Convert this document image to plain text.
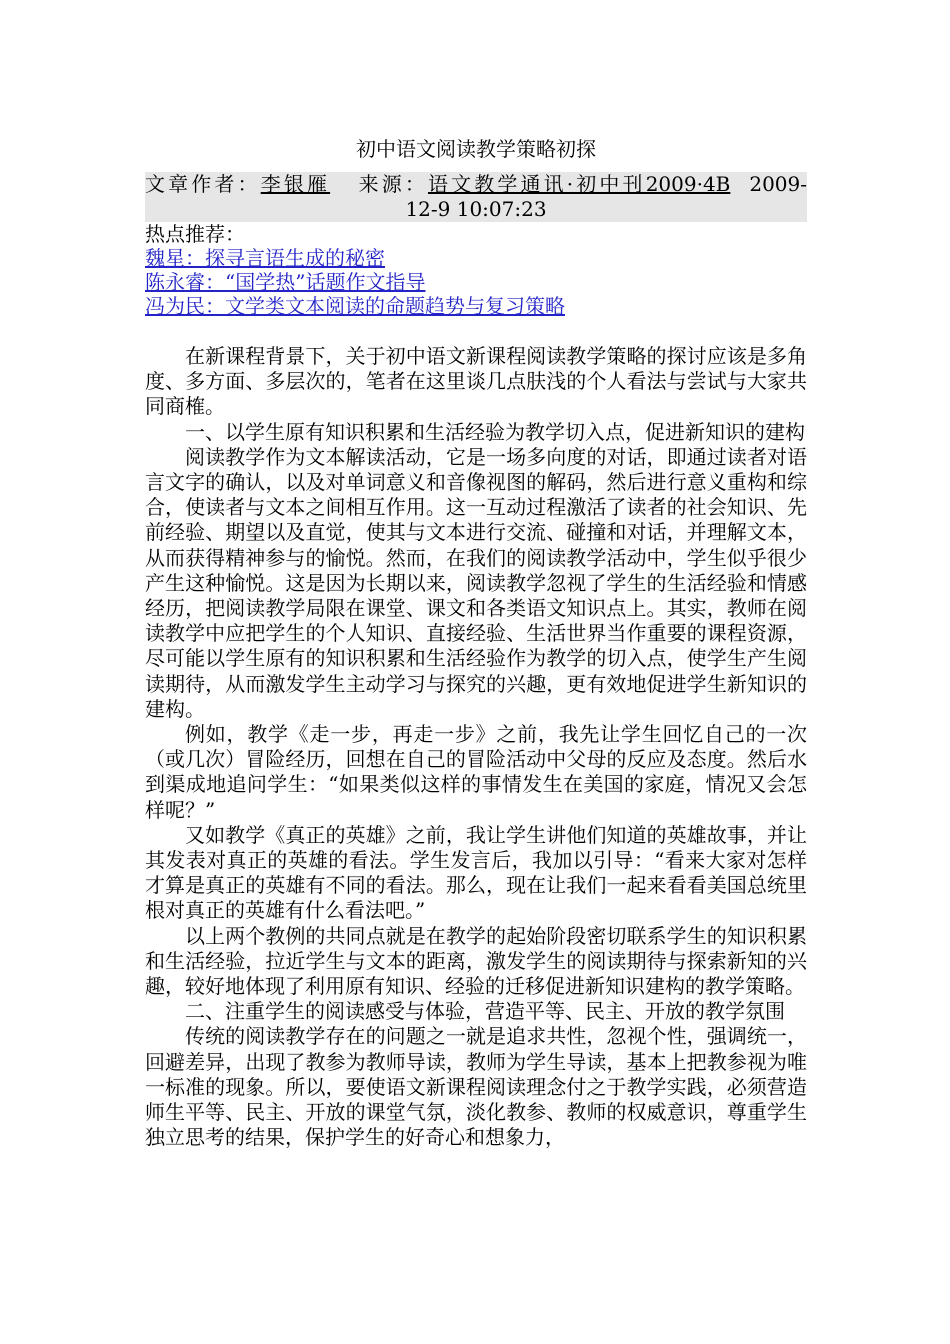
初中语文阅读教学策略初探
文章作者：李银雁 来源：语文教学通讯·初中刊2009·4B 2009-
12-9 10:07:23
热点推荐：
魏星：探寻言语生成的秘密
陈永睿：“国学热”话题作文指导
冯为民：文学类文本阅读的命题趋势与复习策略

在新课程背景下，关于初中语文新课程阅读教学策略的探讨应该是多角度、多方面、多层次的，笔者在这里谈几点肤浅的个人看法与尝试与大家共同商榷。

一、以学生原有知识积累和生活经验为教学切入点，促进新知识的建构

阅读教学作为文本解读活动，它是一场多向度的对话，即通过读者对语言文字的确认，以及对单词意义和音像视图的解码，然后进行意义重构和综合，使读者与文本之间相互作用。这一互动过程激活了读者的社会知识、先前经验、期望以及直觉，使其与文本进行交流、碰撞和对话，并理解文本，从而获得精神参与的愉悦。然而，在我们的阅读教学活动中，学生似乎很少产生这种愉悦。这是因为长期以来，阅读教学忽视了学生的生活经验和情感经历，把阅读教学局限在课堂、课文和各类语文知识点上。其实，教师在阅读教学中应把学生的个人知识、直接经验、生活世界当作重要的课程资源，尽可能以学生原有的知识积累和生活经验作为教学的切入点，使学生产生阅读期待，从而激发学生主动学习与探究的兴趣，更有效地促进学生新知识的建构。

例如，教学《走一步，再走一步》之前，我先让学生回忆自己的一次（或几次）冒险经历，回想在自己的冒险活动中父母的反应及态度。然后水到渠成地追问学生：“如果类似这样的事情发生在美国的家庭，情况又会怎样呢？”

又如教学《真正的英雄》之前，我让学生讲他们知道的英雄故事，并让其发表对真正的英雄的看法。学生发言后，我加以引导：“看来大家对怎样才算是真正的英雄有不同的看法。那么，现在让我们一起来看看美国总统里根对真正的英雄有什么看法吧。”

以上两个教例的共同点就是在教学的起始阶段密切联系学生的知识积累和生活经验，拉近学生与文本的距离，激发学生的阅读期待与探索新知的兴趣，较好地体现了利用原有知识、经验的迁移促进新知识建构的教学策略。

二、注重学生的阅读感受与体验，营造平等、民主、开放的教学氛围

传统的阅读教学存在的问题之一就是追求共性，忽视个性，强调统一，回避差异，出现了教参为教师导读，教师为学生导读，基本上把教参视为唯一标准的现象。所以，要使语文新课程阅读理念付之于教学实践，必须营造师生平等、民主、开放的课堂气氛，淡化教参、教师的权威意识，尊重学生独立思考的结果，保护学生的好奇心和想象力，
